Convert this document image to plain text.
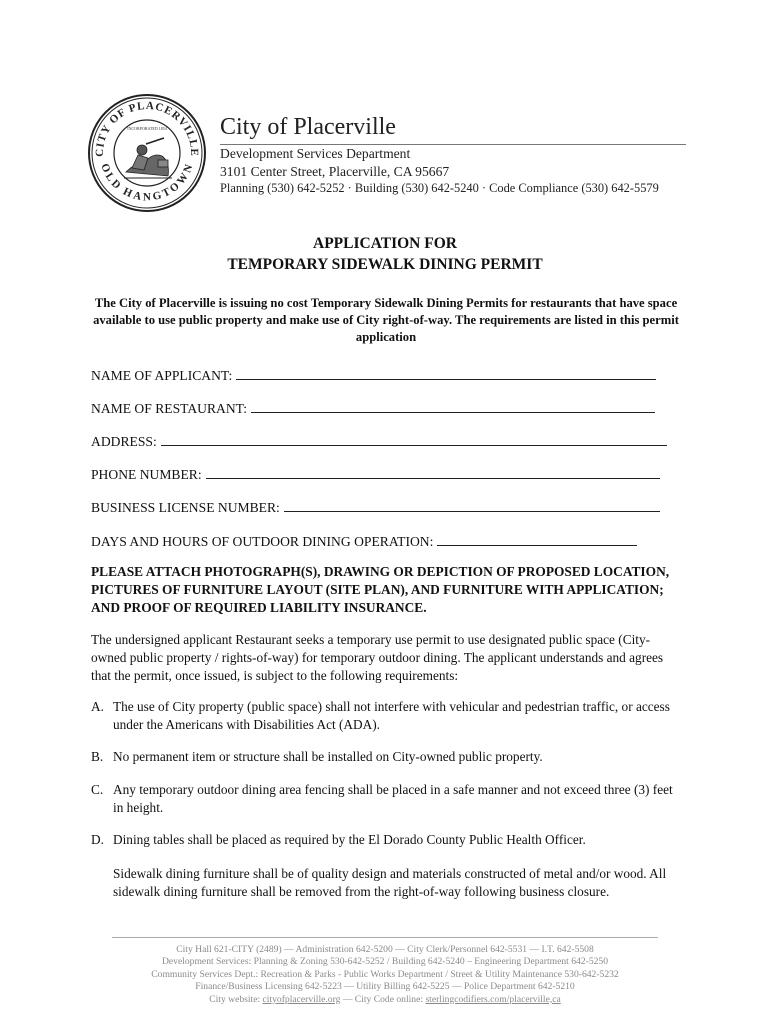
CITY OF PLACERVILLE
OLD HANGTOWN
INCORPORATED 1854 City of Placerville
Development Services Department
3101 Center Street, Placerville, CA 95667
Planning (530) 642-5252 · Building (530) 642-5240 · Code Compliance (530) 642-5579
APPLICATION FOR
TEMPORARY SIDEWALK DINING PERMIT
The City of Placerville is issuing no cost Temporary Sidewalk Dining Permits for restaurants that have space available to use public property and make use of City right-of-way. The requirements are listed in this permit application
NAME OF APPLICANT:
NAME OF RESTAURANT:
ADDRESS:
PHONE NUMBER:
BUSINESS LICENSE NUMBER:
DAYS AND HOURS OF OUTDOOR DINING OPERATION:
PLEASE ATTACH PHOTOGRAPH(S), DRAWING OR DEPICTION OF PROPOSED LOCATION, PICTURES OF FURNITURE LAYOUT (SITE PLAN), AND FURNITURE WITH APPLICATION; AND PROOF OF REQUIRED LIABILITY INSURANCE.
The undersigned applicant Restaurant seeks a temporary use permit to use designated public space (City-owned public property / rights-of-way) for temporary outdoor dining. The applicant understands and agrees that the permit, once issued, is subject to the following requirements:
A. The use of City property (public space) shall not interfere with vehicular and pedestrian traffic, or access under the Americans with Disabilities Act (ADA).
B. No permanent item or structure shall be installed on City-owned public property.
C. Any temporary outdoor dining area fencing shall be placed in a safe manner and not exceed three (3) feet in height.
D. Dining tables shall be placed as required by the El Dorado County Public Health Officer.
Sidewalk dining furniture shall be of quality design and materials constructed of metal and/or wood. All sidewalk dining furniture shall be removed from the right-of-way following business closure.
City Hall 621-CITY (2489) — Administration 642-5200 — City Clerk/Personnel 642-5531 — I.T. 642-5508
Development Services: Planning & Zoning 530-642-5252 / Building 642-5240 – Engineering Department 642-5250
Community Services Dept.: Recreation & Parks - Public Works Department / Street & Utility Maintenance 530-642-5232
Finance/Business Licensing 642-5223 — Utility Billing 642-5225 — Police Department 642-5210
City website: cityofplacerville.org — City Code online: sterlingcodifiers.com/placerville,ca
